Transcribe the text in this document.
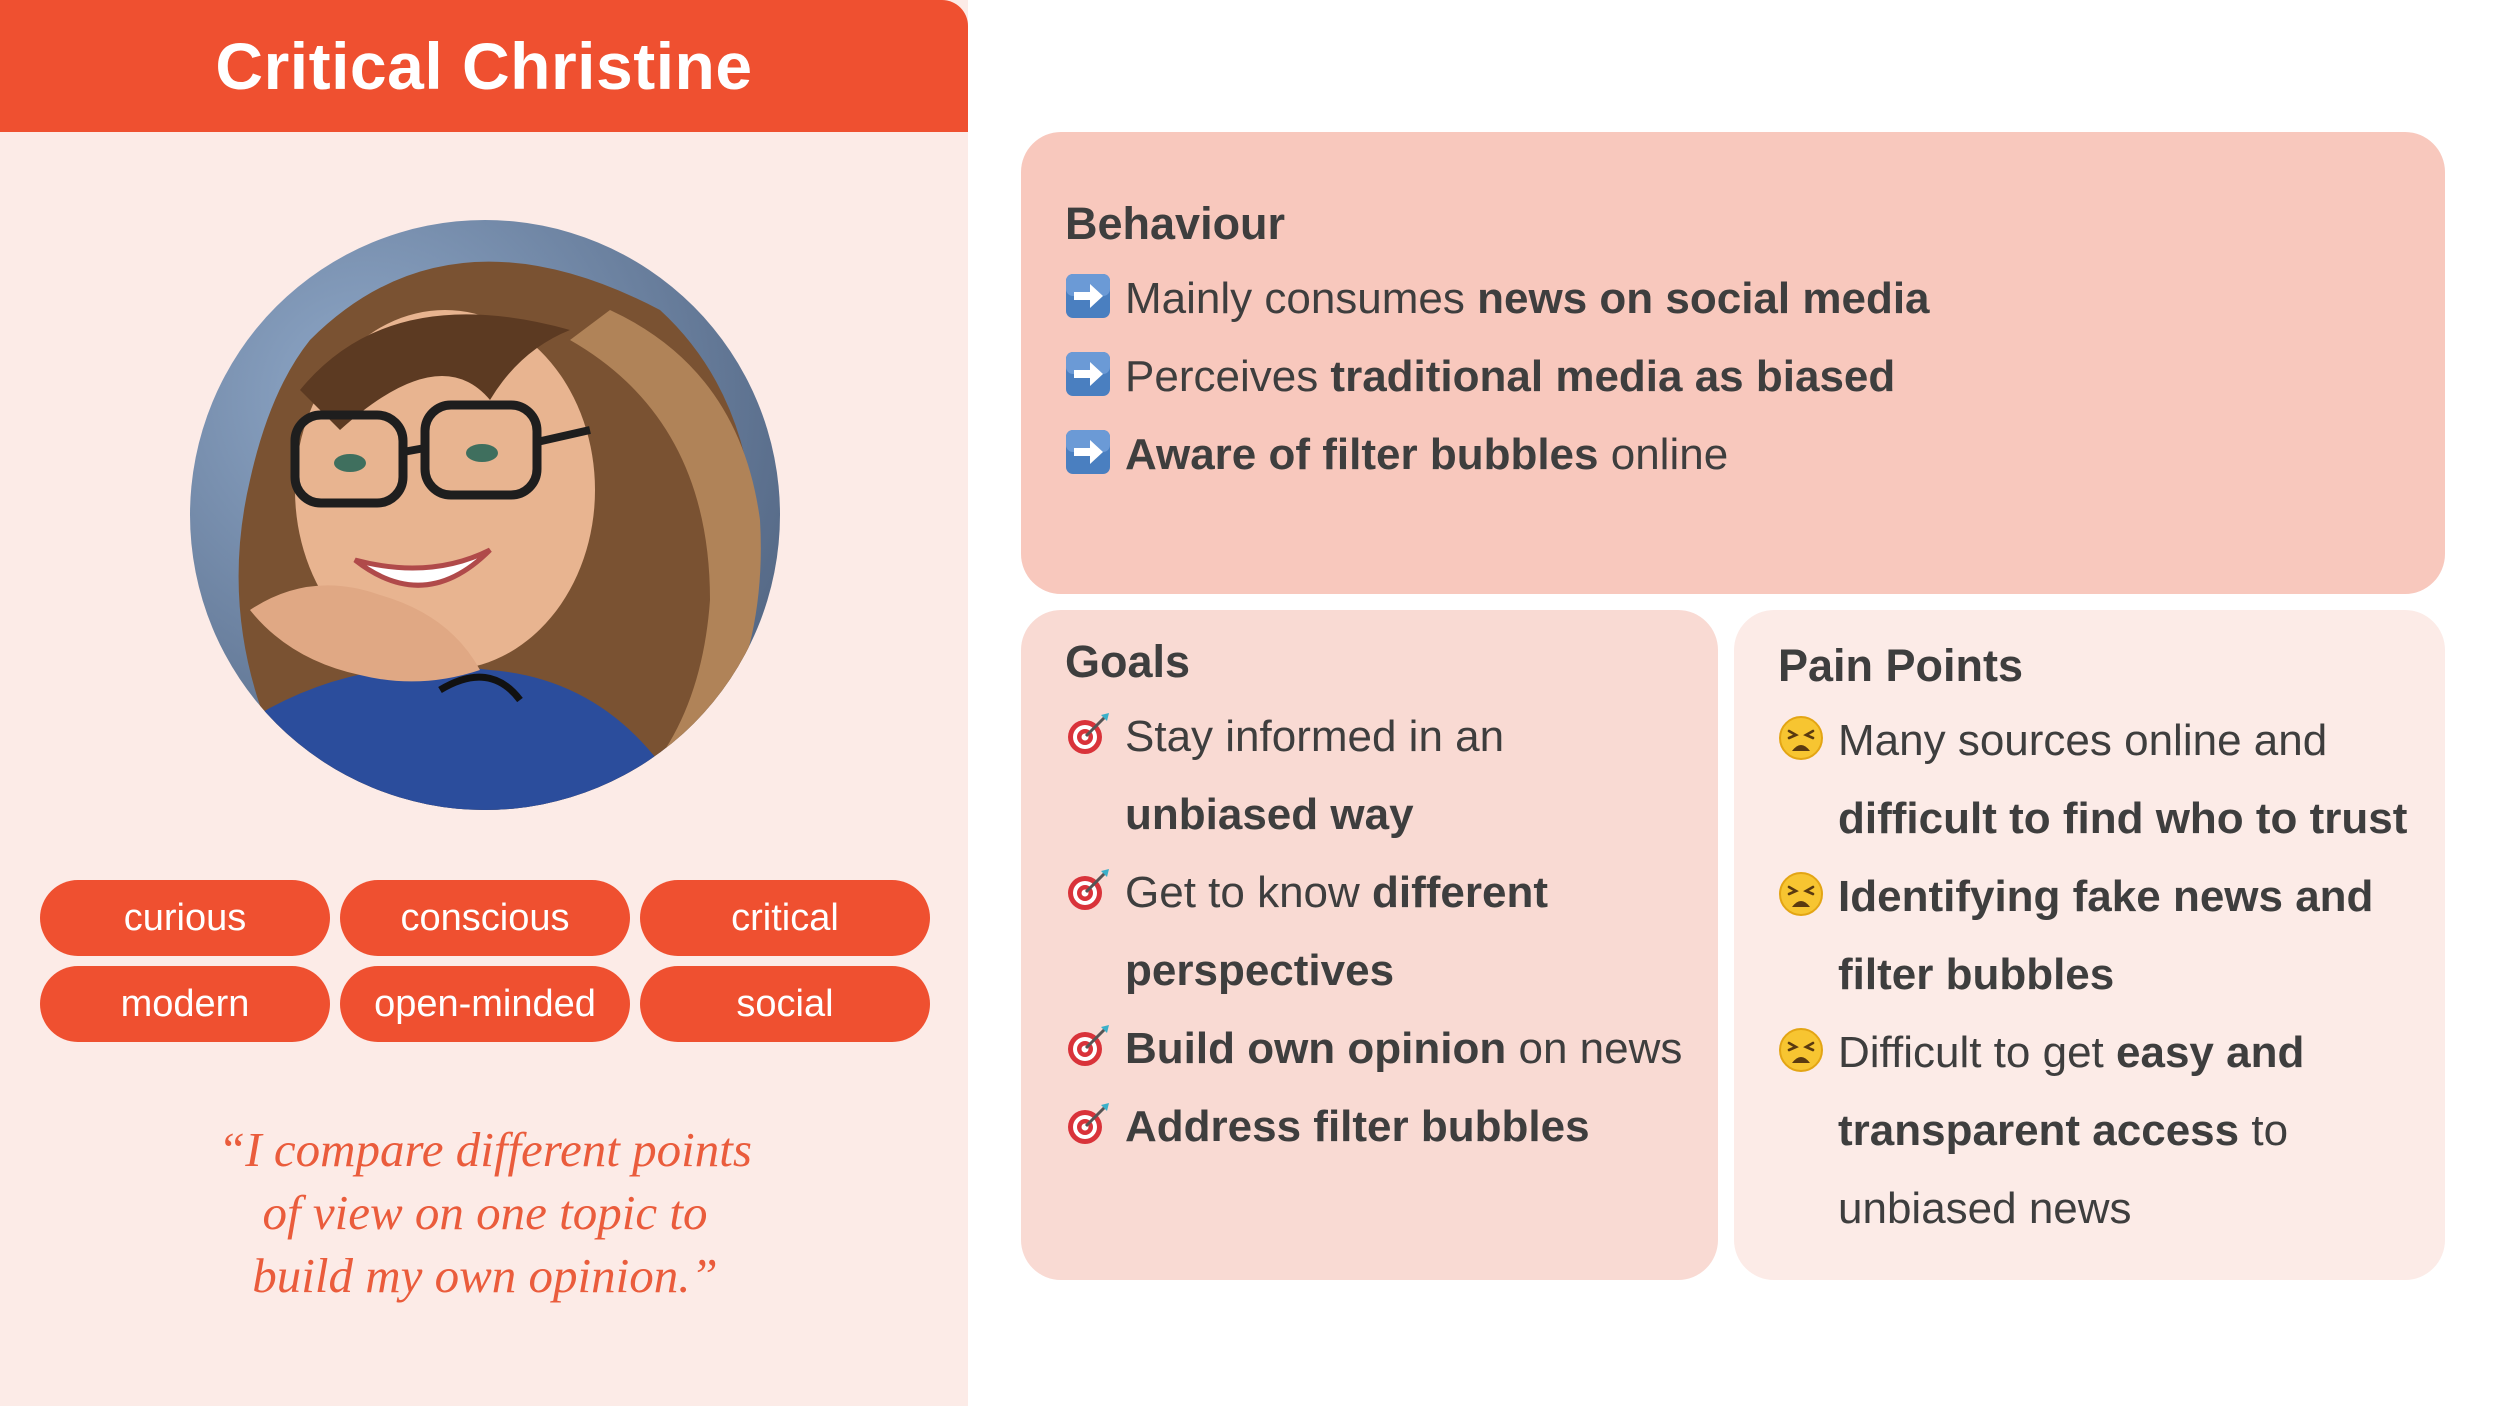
Critical Christine
curious	conscious	critical
modern	open-minded	social
“I compare different points
of view on one topic to
build my own opinion.”
Behaviour
Mainly consumes news on social media
Perceives traditional media as biased
Aware of filter bubbles online
Goals
Stay informed in an
unbiased way
Get to know different
perspectives
Build own opinion on news
Address filter bubbles
Pain Points
Many sources online and
difficult to find who to trust
Identifying fake news and
filter bubbles
Difficult to get easy and
transparent access to
unbiased news
